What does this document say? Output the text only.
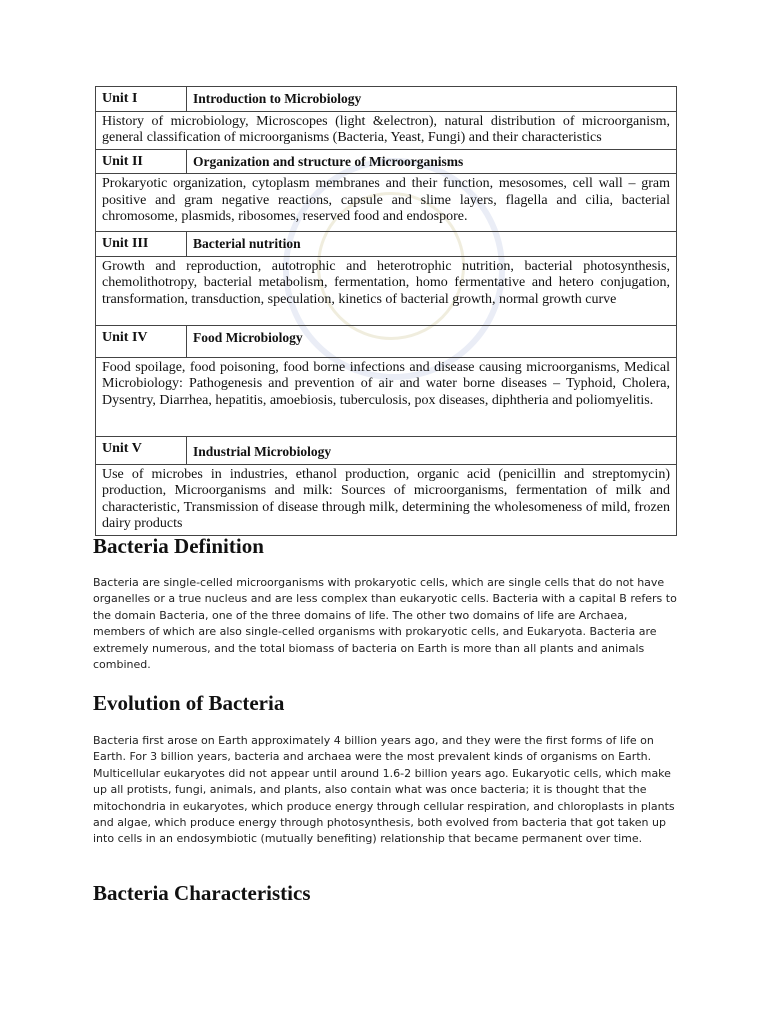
Unit I	Introduction to Microbiology
History of microbiology, Microscopes (light &electron), natural distribution of microorganism, general classification of microorganisms (Bacteria, Yeast, Fungi) and their characteristics	
Unit II	Organization and structure of Microorganisms
Prokaryotic organization, cytoplasm membranes and their function, mesosomes, cell wall – gram positive and gram negative reactions, capsule and slime layers, flagella and cilia, bacterial chromosome, plasmids, ribosomes, reserved food and endospore.	
Unit III	Bacterial nutrition
Growth and reproduction, autotrophic and heterotrophic nutrition, bacterial photosynthesis, chemolithotropy, bacterial metabolism, fermentation, homo fermentative and hetero conjugation, transformation, transduction, speculation, kinetics of bacterial growth, normal growth curve	
Unit IV	Food Microbiology
Food spoilage, food poisoning, food borne infections and disease causing microorganisms, Medical Microbiology: Pathogenesis and prevention of air and water borne diseases – Typhoid, Cholera, Dysentry, Diarrhea, hepatitis, amoebiosis, tuberculosis, pox diseases, diphtheria and poliomyelitis.	
Unit V	Industrial Microbiology
Use of microbes in industries, ethanol production, organic acid (penicillin and streptomycin) production, Microorganisms and milk: Sources of microorganisms, fermentation of milk and characteristic, Transmission of disease through milk, determining the wholesomeness of mild, frozen dairy products	
Bacteria Definition

Bacteria are single-celled microorganisms with prokaryotic cells, which are single cells that do not have organelles or a true nucleus and are less complex than eukaryotic cells. Bacteria with a capital B refers to the domain Bacteria, one of the three domains of life. The other two domains of life are Archaea, members of which are also single-celled organisms with prokaryotic cells, and Eukaryota. Bacteria are extremely numerous, and the total biomass of bacteria on Earth is more than all plants and animals combined.

Evolution of Bacteria

Bacteria first arose on Earth approximately 4 billion years ago, and they were the first forms of life on Earth. For 3 billion years, bacteria and archaea were the most prevalent kinds of organisms on Earth. Multicellular eukaryotes did not appear until around 1.6-2 billion years ago. Eukaryotic cells, which make up all protists, fungi, animals, and plants, also contain what was once bacteria; it is thought that the mitochondria in eukaryotes, which produce energy through cellular respiration, and chloroplasts in plants and algae, which produce energy through photosynthesis, both evolved from bacteria that got taken up into cells in an endosymbiotic (mutually benefiting) relationship that became permanent over time.

Bacteria Characteristics
